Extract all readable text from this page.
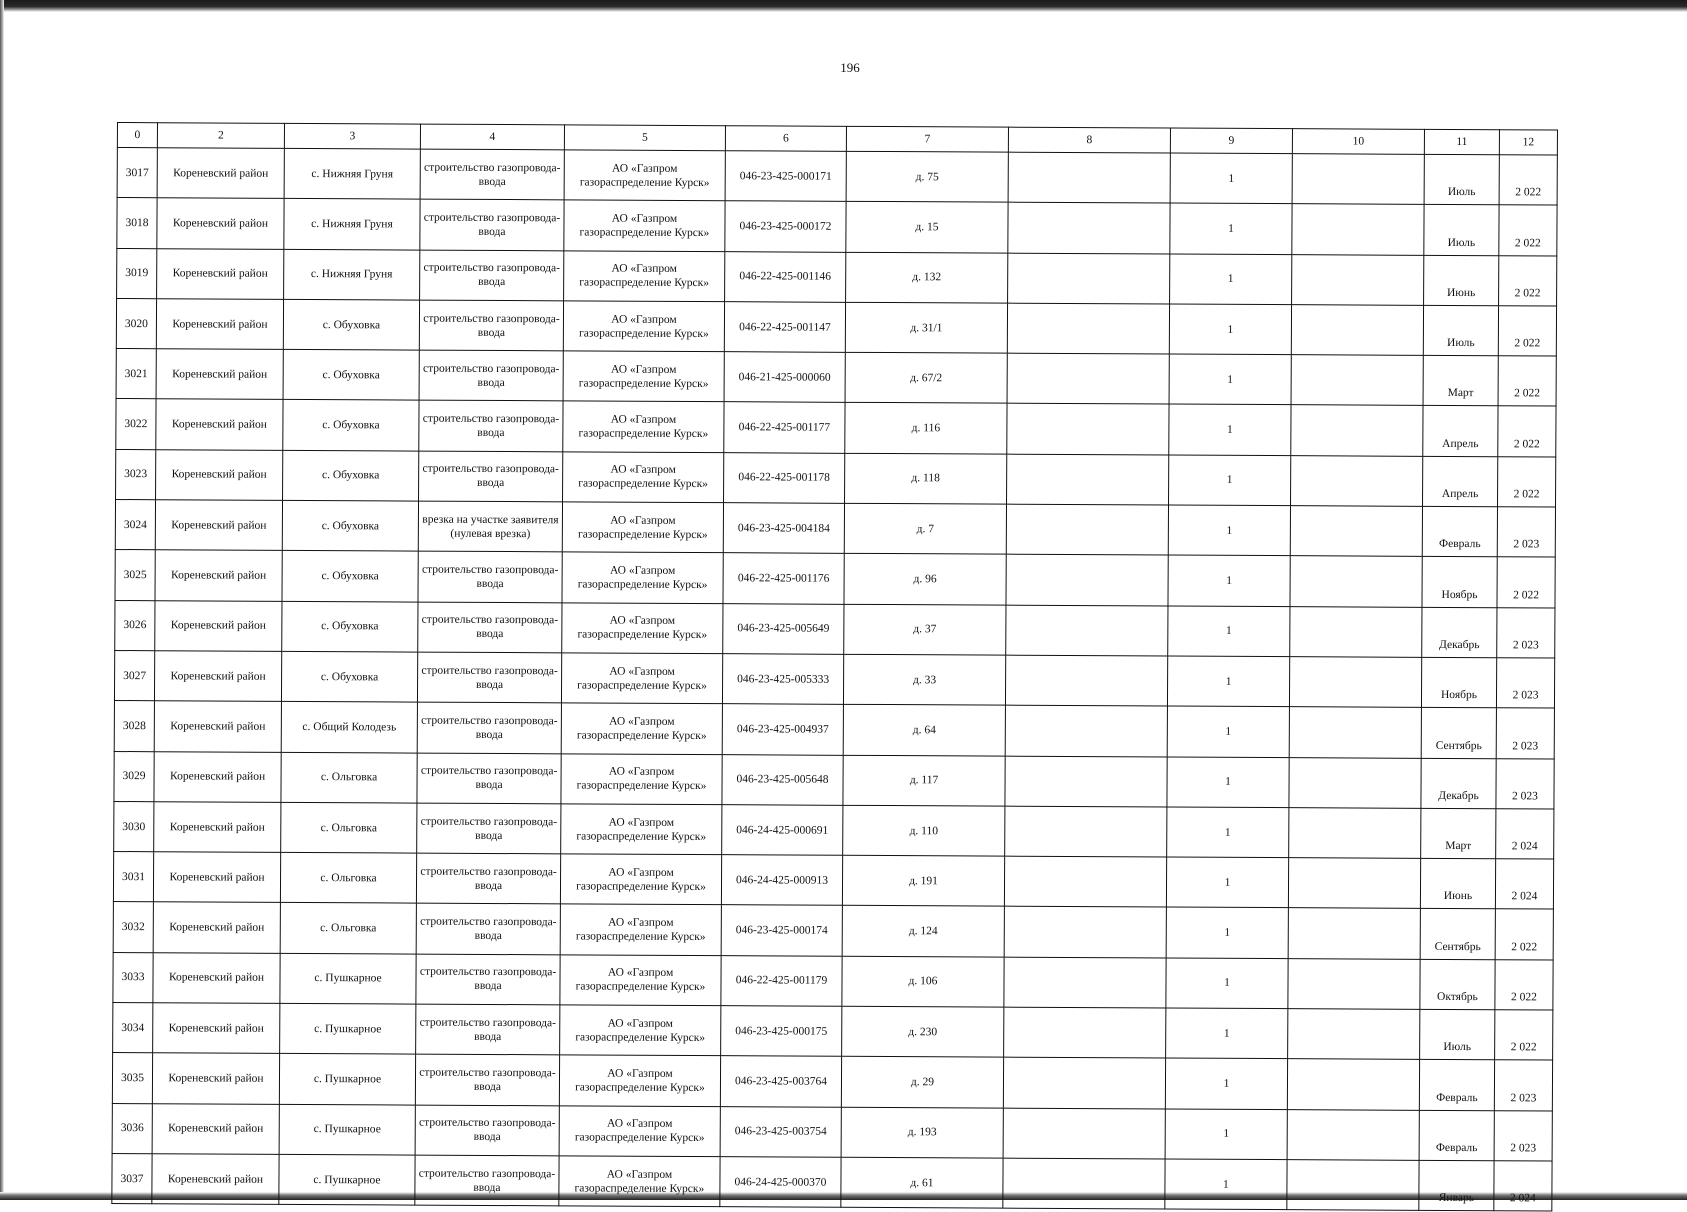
196
0	2	3	4	5	6	7	8	9	10	11	12
3017	Кореневский район	с. Нижняя Груня	строительство газопровода-ввода	АО «Газпром газораспределение Курск»	046-23-425-000171	д. 75		1		Июль	2 022
3018	Кореневский район	с. Нижняя Груня	строительство газопровода-ввода	АО «Газпром газораспределение Курск»	046-23-425-000172	д. 15		1		Июль	2 022
3019	Кореневский район	с. Нижняя Груня	строительство газопровода-ввода	АО «Газпром газораспределение Курск»	046-22-425-001146	д. 132		1		Июнь	2 022
3020	Кореневский район	с. Обуховка	строительство газопровода-ввода	АО «Газпром газораспределение Курск»	046-22-425-001147	д. 31/1		1		Июль	2 022
3021	Кореневский район	с. Обуховка	строительство газопровода-ввода	АО «Газпром газораспределение Курск»	046-21-425-000060	д. 67/2		1		Март	2 022
3022	Кореневский район	с. Обуховка	строительство газопровода-ввода	АО «Газпром газораспределение Курск»	046-22-425-001177	д. 116		1		Апрель	2 022
3023	Кореневский район	с. Обуховка	строительство газопровода-ввода	АО «Газпром газораспределение Курск»	046-22-425-001178	д. 118		1		Апрель	2 022
3024	Кореневский район	с. Обуховка	врезка на участке заявителя (нулевая врезка)	АО «Газпром газораспределение Курск»	046-23-425-004184	д. 7		1		Февраль	2 023
3025	Кореневский район	с. Обуховка	строительство газопровода-ввода	АО «Газпром газораспределение Курск»	046-22-425-001176	д. 96		1		Ноябрь	2 022
3026	Кореневский район	с. Обуховка	строительство газопровода-ввода	АО «Газпром газораспределение Курск»	046-23-425-005649	д. 37		1		Декабрь	2 023
3027	Кореневский район	с. Обуховка	строительство газопровода-ввода	АО «Газпром газораспределение Курск»	046-23-425-005333	д. 33		1		Ноябрь	2 023
3028	Кореневский район	с. Общий Колодезь	строительство газопровода-ввода	АО «Газпром газораспределение Курск»	046-23-425-004937	д. 64		1		Сентябрь	2 023
3029	Кореневский район	с. Ольговка	строительство газопровода-ввода	АО «Газпром газораспределение Курск»	046-23-425-005648	д. 117		1		Декабрь	2 023
3030	Кореневский район	с. Ольговка	строительство газопровода-ввода	АО «Газпром газораспределение Курск»	046-24-425-000691	д. 110		1		Март	2 024
3031	Кореневский район	с. Ольговка	строительство газопровода-ввода	АО «Газпром газораспределение Курск»	046-24-425-000913	д. 191		1		Июнь	2 024
3032	Кореневский район	с. Ольговка	строительство газопровода-ввода	АО «Газпром газораспределение Курск»	046-23-425-000174	д. 124		1		Сентябрь	2 022
3033	Кореневский район	с. Пушкарное	строительство газопровода-ввода	АО «Газпром газораспределение Курск»	046-22-425-001179	д. 106		1		Октябрь	2 022
3034	Кореневский район	с. Пушкарное	строительство газопровода-ввода	АО «Газпром газораспределение Курск»	046-23-425-000175	д. 230		1		Июль	2 022
3035	Кореневский район	с. Пушкарное	строительство газопровода-ввода	АО «Газпром газораспределение Курск»	046-23-425-003764	д. 29		1		Февраль	2 023
3036	Кореневский район	с. Пушкарное	строительство газопровода-ввода	АО «Газпром газораспределение Курск»	046-23-425-003754	д. 193		1		Февраль	2 023
3037	Кореневский район	с. Пушкарное	строительство газопровода-ввода	АО «Газпром газораспределение Курск»	046-24-425-000370	д. 61		1		Январь	2 024
